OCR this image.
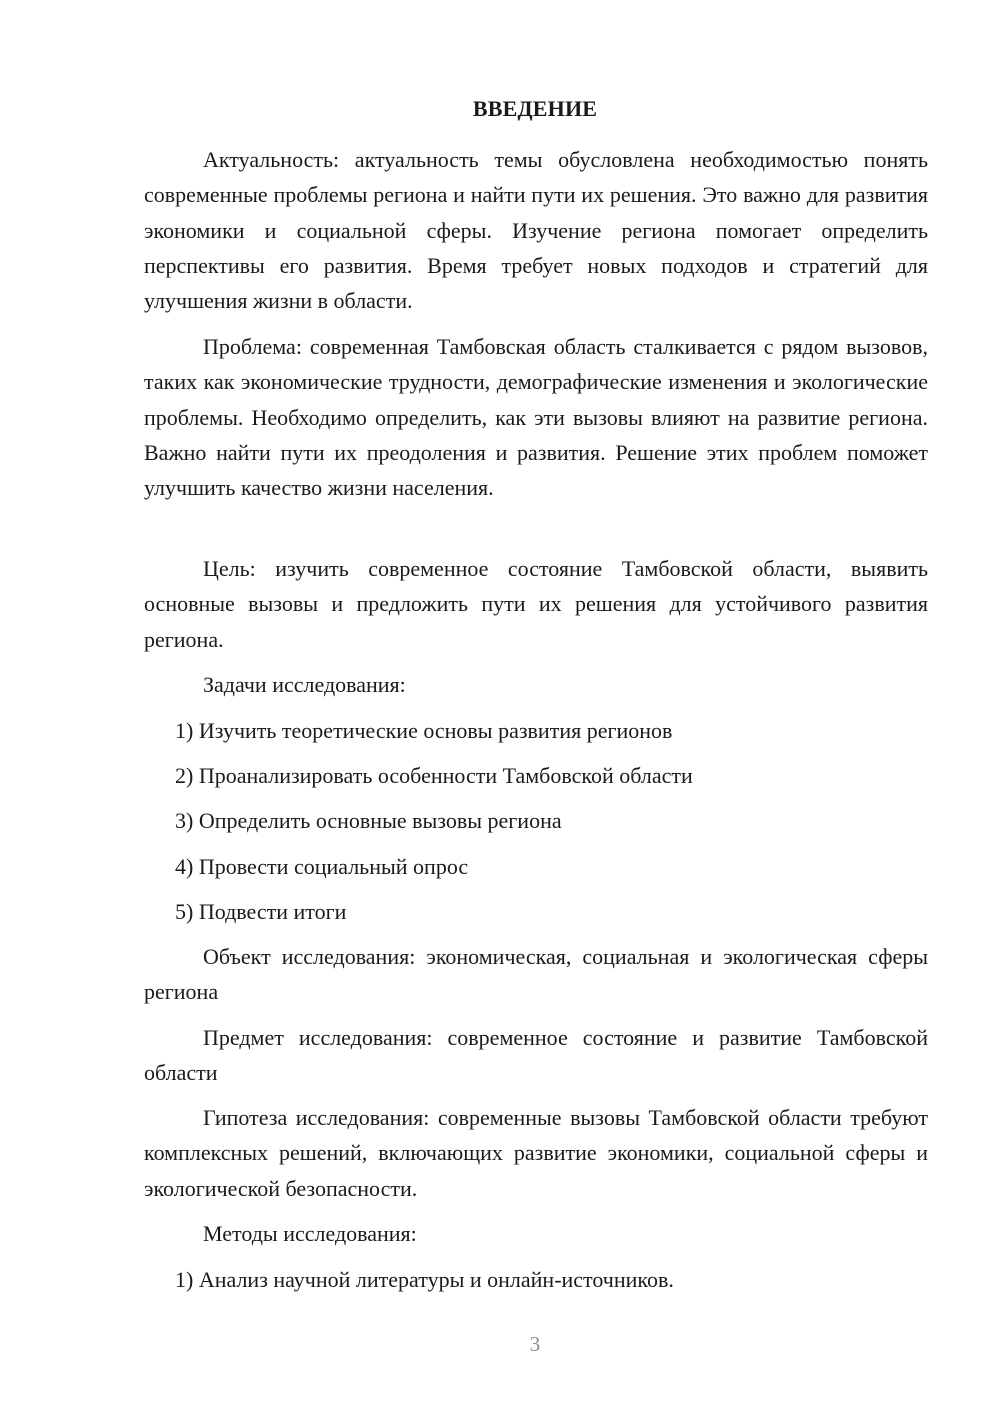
ВВЕДЕНИЕ

Актуальность: актуальность темы обусловлена необходимостью понять современные проблемы региона и найти пути их решения. Это важно для развития экономики и социальной сферы. Изучение региона помогает определить перспективы его развития. Время требует новых подходов и стратегий для улучшения жизни в области.

Проблема: современная Тамбовская область сталкивается с рядом вызовов, таких как экономические трудности, демографические изменения и экологические проблемы. Необходимо определить, как эти вызовы влияют на развитие региона. Важно найти пути их преодоления и развития. Решение этих проблем поможет улучшить качество жизни населения.

Цель: изучить современное состояние Тамбовской области, выявить основные вызовы и предложить пути их решения для устойчивого развития региона.

Задачи исследования:
1) Изучить теоретические основы развития регионов
2) Проанализировать особенности Тамбовской области
3) Определить основные вызовы региона
4) Провести социальный опрос
5) Подвести итоги

Объект исследования: экономическая, социальная и экологическая сферы региона

Предмет исследования: современное состояние и развитие Тамбовской области

Гипотеза исследования: современные вызовы Тамбовской области требуют комплексных решений, включающих развитие экономики, социальной сферы и экологической безопасности.

Методы исследования:
1) Анализ научной литературы и онлайн-источников.
3
